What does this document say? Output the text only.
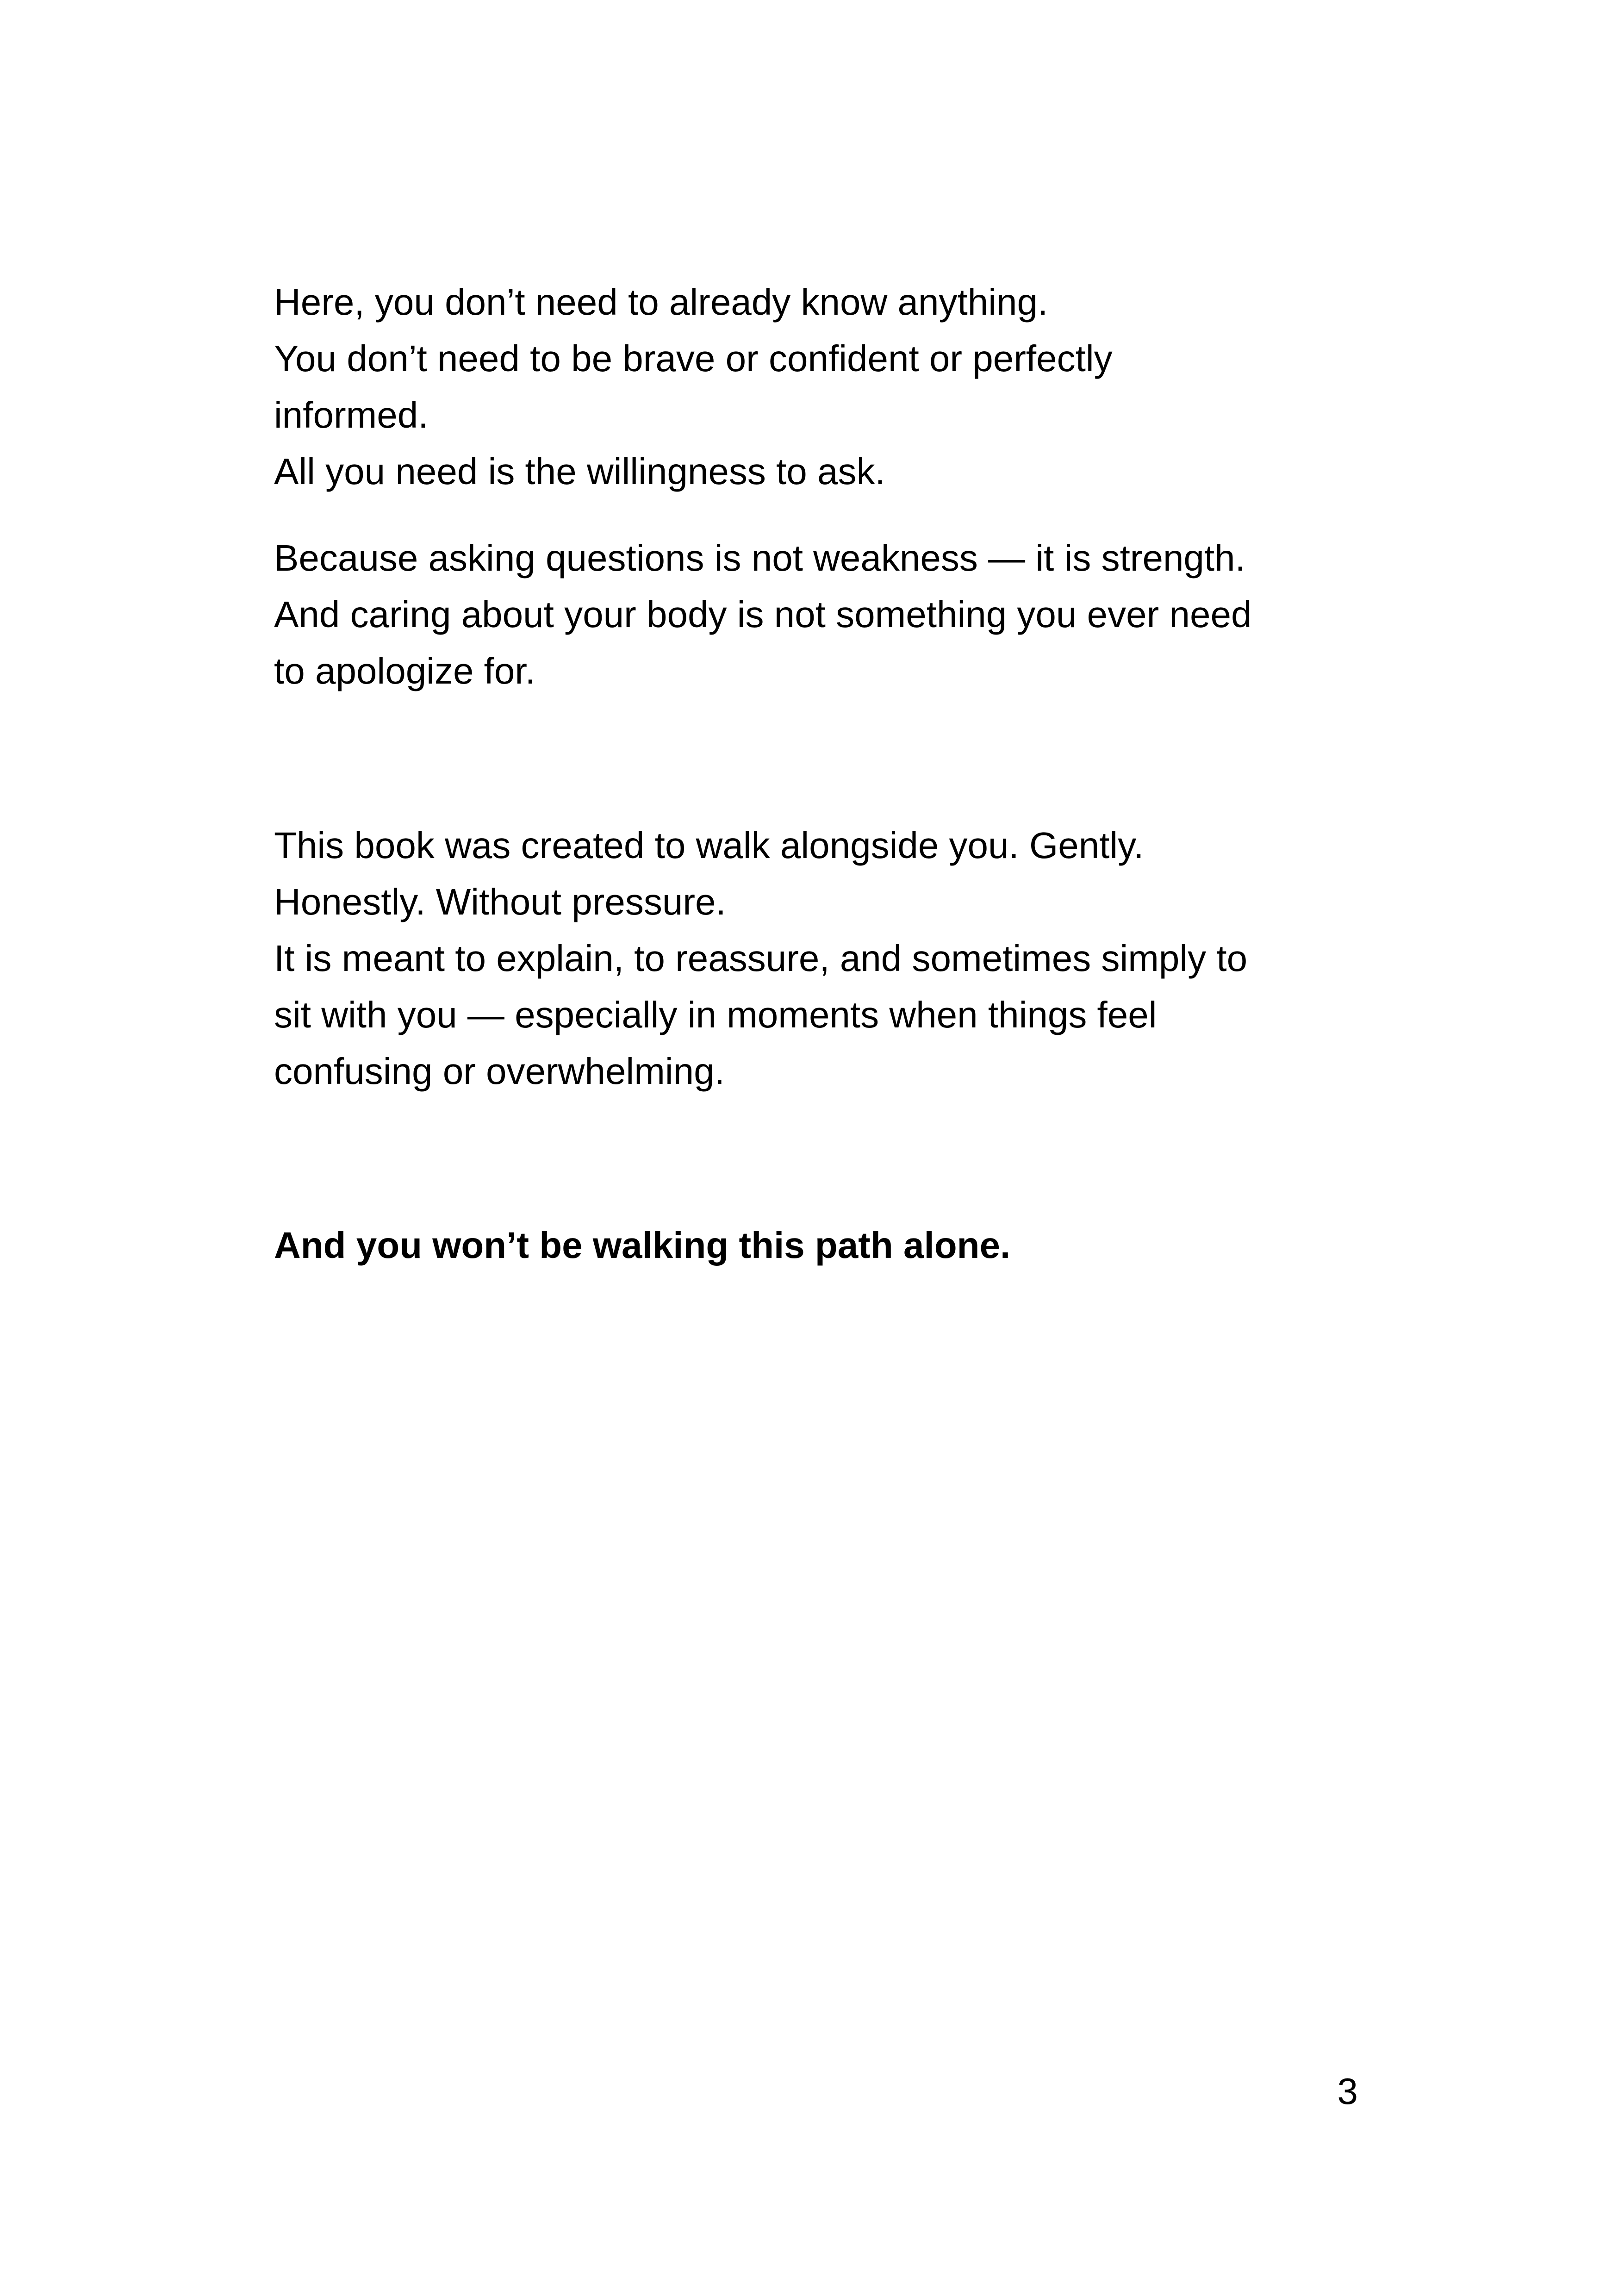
Here, you don’t need to already know anything.
You don’t need to be brave or confident or perfectly
informed.
All you need is the willingness to ask.
Because asking questions is not weakness — it is strength.
And caring about your body is not something you ever need
to apologize for.
This book was created to walk alongside you. Gently.
Honestly. Without pressure.
It is meant to explain, to reassure, and sometimes simply to
sit with you — especially in moments when things feel
confusing or overwhelming.
And you won’t be walking this path alone.
3
